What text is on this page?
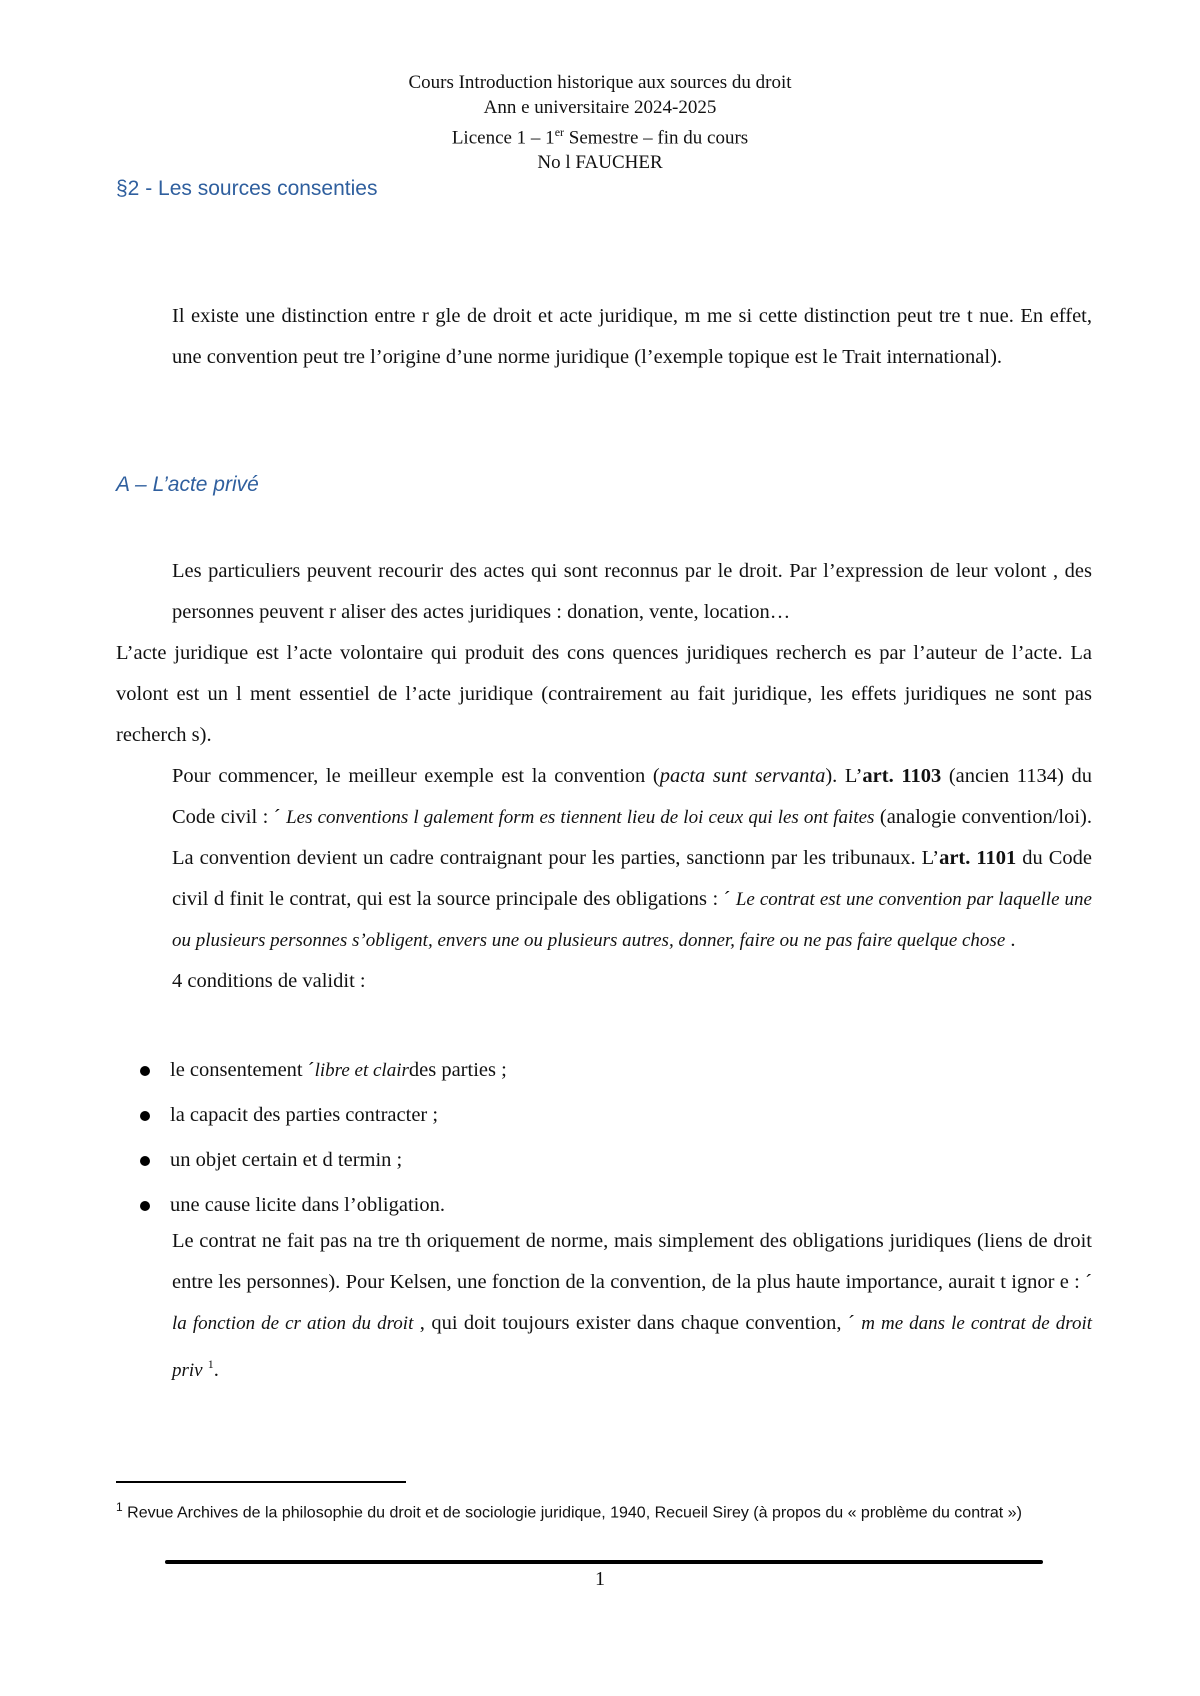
Cours Introduction historique aux sources du droit
Ann e universitaire 2024-2025
Licence 1 – 1er Semestre – fin du cours
No l FAUCHER
§2 - Les sources consenties

Il existe une distinction entre r gle de droit et acte juridique, m me si cette distinction peut tre t nue. En effet, une convention peut tre l’origine d’une norme juridique (l’exemple topique est le Trait international).

A – L’acte privé

Les particuliers peuvent recourir des actes qui sont reconnus par le droit. Par l’expression de leur volont , des personnes peuvent r aliser des actes juridiques : donation, vente, location…

L’acte juridique est l’acte volontaire qui produit des cons quences juridiques recherch es par l’auteur de l’acte. La volont est un l ment essentiel de l’acte juridique (contrairement au fait juridique, les effets juridiques ne sont pas recherch s).

Pour commencer, le meilleur exemple est la convention (pacta sunt servanta). L’art. 1103 (ancien 1134) du Code civil : ´ Les conventions l galement form es tiennent lieu de loi ceux qui les ont faites (analogie convention/loi). La convention devient un cadre contraignant pour les parties, sanctionn par les tribunaux. L’art. 1101 du Code civil d finit le contrat, qui est la source principale des obligations : ´ Le contrat est une convention par laquelle une ou plusieurs personnes s’obligent, envers une ou plusieurs autres, donner, faire ou ne pas faire quelque chose .
4 conditions de validit :

le consentement ´ libre et clair des parties ;
la capacit des parties contracter ;
un objet certain et d termin ;
une cause licite dans l’obligation.

Le contrat ne fait pas na tre th oriquement de norme, mais simplement des obligations juridiques (liens de droit entre les personnes). Pour Kelsen, une fonction de la convention, de la plus haute importance, aurait t ignor e : ´ la fonction de cr ation du droit , qui doit toujours exister dans chaque convention, ´ m me dans le contrat de droit priv $^1$.

$^1$ Revue Archives de la philosophie du droit et de sociologie juridique, 1940, Recueil Sirey (à propos du « problème du contrat »)
1
